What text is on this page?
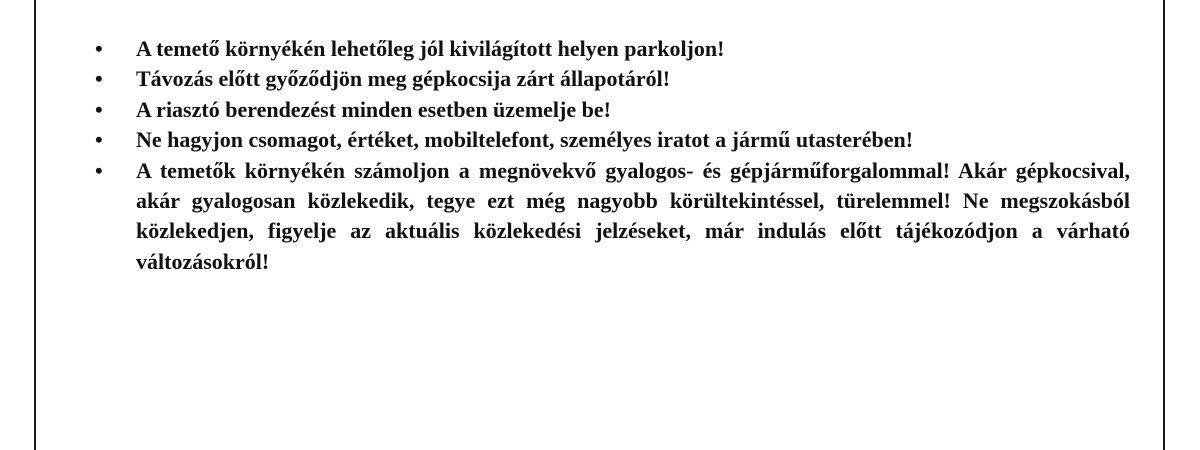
•	A temető környékén lehetőleg jól kivilágított helyen parkoljon!
•	Távozás előtt győződjön meg gépkocsija zárt állapotáról!
•	A riasztó berendezést minden esetben üzemelje be!
•	Ne hagyjon csomagot, értéket, mobiltelefont, személyes iratot a jármű utasterében!
•	A temetők környékén számoljon a megnövekvő gyalogos- és gépjárműforgalommal! Akár gépkocsival, akár gyalogosan közlekedik, tegye ezt még nagyobb körültekintéssel, türelemmel! Ne megszokásból közlekedjen, figyelje az aktuális közlekedési jelzéseket, már indulás előtt tájékozódjon a várható változásokról!
